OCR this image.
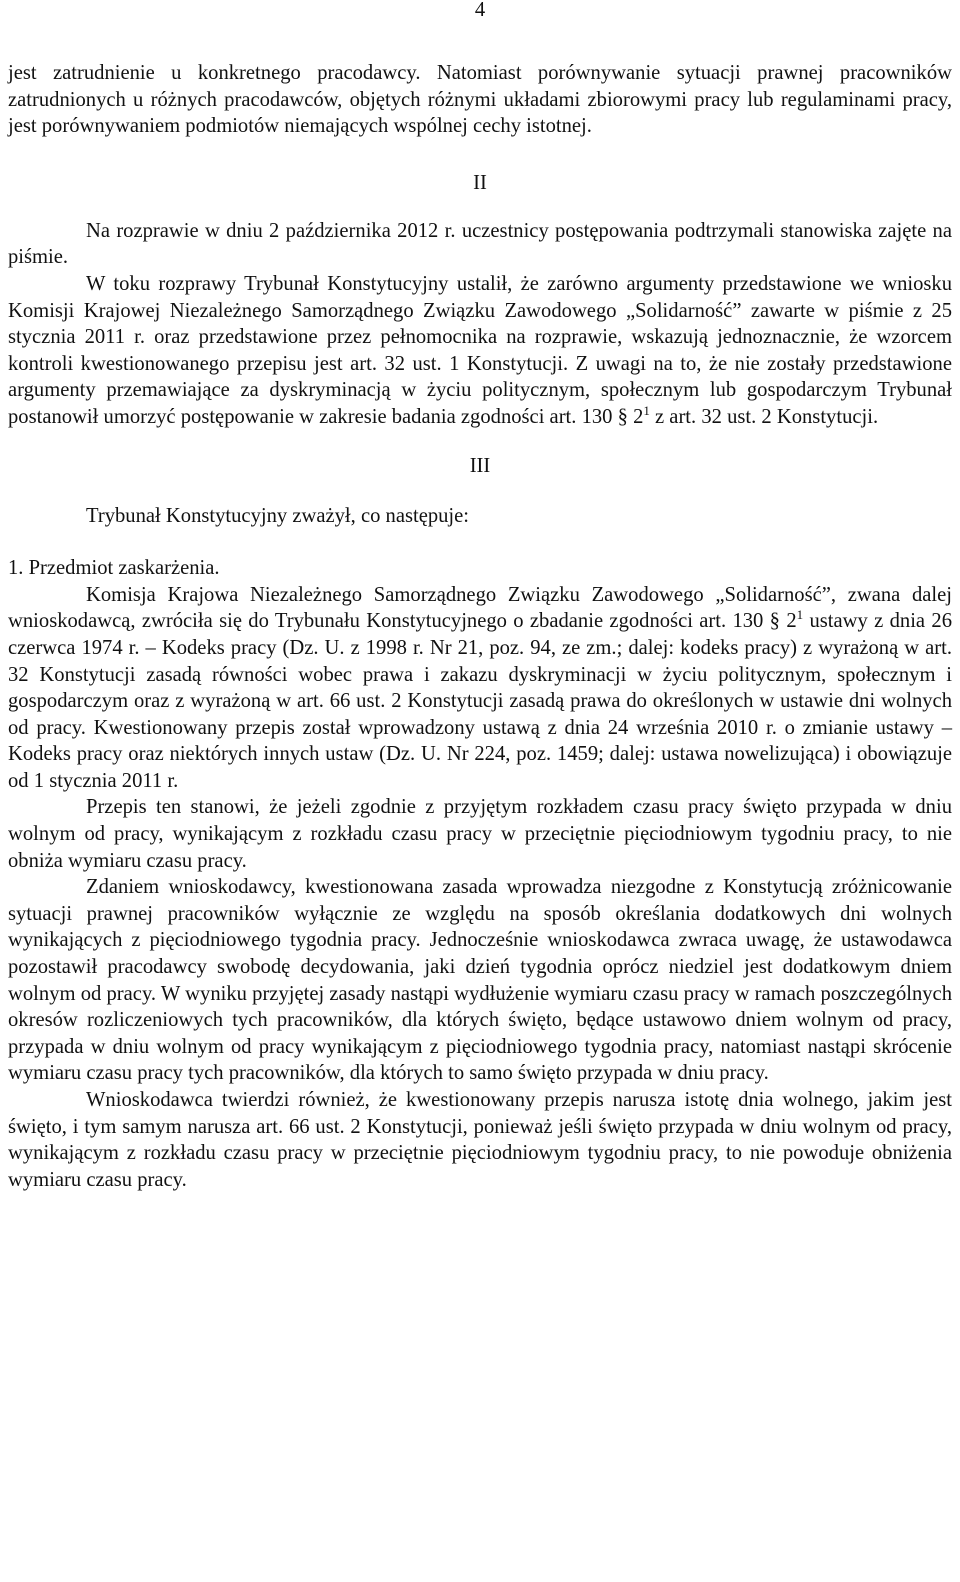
4

jest zatrudnienie u konkretnego pracodawcy. Natomiast porównywanie sytuacji prawnej pracowników zatrudnionych u różnych pracodawców, objętych różnymi układami zbiorowymi pracy lub regulaminami pracy, jest porównywaniem podmiotów niemających wspólnej cechy istotnej.

II

Na rozprawie w dniu 2 października 2012 r. uczestnicy postępowania podtrzymali stanowiska zajęte na piśmie.

W toku rozprawy Trybunał Konstytucyjny ustalił, że zarówno argumenty przedstawione we wniosku Komisji Krajowej Niezależnego Samorządnego Związku Zawodowego „Solidarność” zawarte w piśmie z 25 stycznia 2011 r. oraz przedstawione przez pełnomocnika na rozprawie, wskazują jednoznacznie, że wzorcem kontroli kwestionowanego przepisu jest art. 32 ust. 1 Konstytucji. Z uwagi na to, że nie zostały przedstawione argumenty przemawiające za dyskryminacją w życiu politycznym, społecznym lub gospodarczym Trybunał postanowił umorzyć postępowanie w zakresie badania zgodności art. 130 § $2^1$ z art. 32 ust. 2 Konstytucji.

III

Trybunał Konstytucyjny zważył, co następuje:

1. Przedmiot zaskarżenia.

Komisja Krajowa Niezależnego Samorządnego Związku Zawodowego „Solidarność”, zwana dalej wnioskodawcą, zwróciła się do Trybunału Konstytucyjnego o zbadanie zgodności art. 130 § $2^1$ ustawy z dnia 26 czerwca 1974 r. – Kodeks pracy (Dz. U. z 1998 r. Nr 21, poz. 94, ze zm.; dalej: kodeks pracy) z wyrażoną w art. 32 Konstytucji zasadą równości wobec prawa i zakazu dyskryminacji w życiu politycznym, społecznym i gospodarczym oraz z wyrażoną w art. 66 ust. 2 Konstytucji zasadą prawa do określonych w ustawie dni wolnych od pracy. Kwestionowany przepis został wprowadzony ustawą z dnia 24 września 2010 r. o zmianie ustawy – Kodeks pracy oraz niektórych innych ustaw (Dz. U. Nr 224, poz. 1459; dalej: ustawa nowelizująca) i obowiązuje od 1 stycznia 2011 r.

Przepis ten stanowi, że jeżeli zgodnie z przyjętym rozkładem czasu pracy święto przypada w dniu wolnym od pracy, wynikającym z rozkładu czasu pracy w przeciętnie pięciodniowym tygodniu pracy, to nie obniża wymiaru czasu pracy.

Zdaniem wnioskodawcy, kwestionowana zasada wprowadza niezgodne z Konstytucją zróżnicowanie sytuacji prawnej pracowników wyłącznie ze względu na sposób określania dodatkowych dni wolnych wynikających z pięciodniowego tygodnia pracy. Jednocześnie wnioskodawca zwraca uwagę, że ustawodawca pozostawił pracodawcy swobodę decydowania, jaki dzień tygodnia oprócz niedziel jest dodatkowym dniem wolnym od pracy. W wyniku przyjętej zasady nastąpi wydłużenie wymiaru czasu pracy w ramach poszczególnych okresów rozliczeniowych tych pracowników, dla których święto, będące ustawowo dniem wolnym od pracy, przypada w dniu wolnym od pracy wynikającym z pięciodniowego tygodnia pracy, natomiast nastąpi skrócenie wymiaru czasu pracy tych pracowników, dla których to samo święto przypada w dniu pracy.

Wnioskodawca twierdzi również, że kwestionowany przepis narusza istotę dnia wolnego, jakim jest święto, i tym samym narusza art. 66 ust. 2 Konstytucji, ponieważ jeśli święto przypada w dniu wolnym od pracy, wynikającym z rozkładu czasu pracy w przeciętnie pięciodniowym tygodniu pracy, to nie powoduje obniżenia wymiaru czasu pracy.
